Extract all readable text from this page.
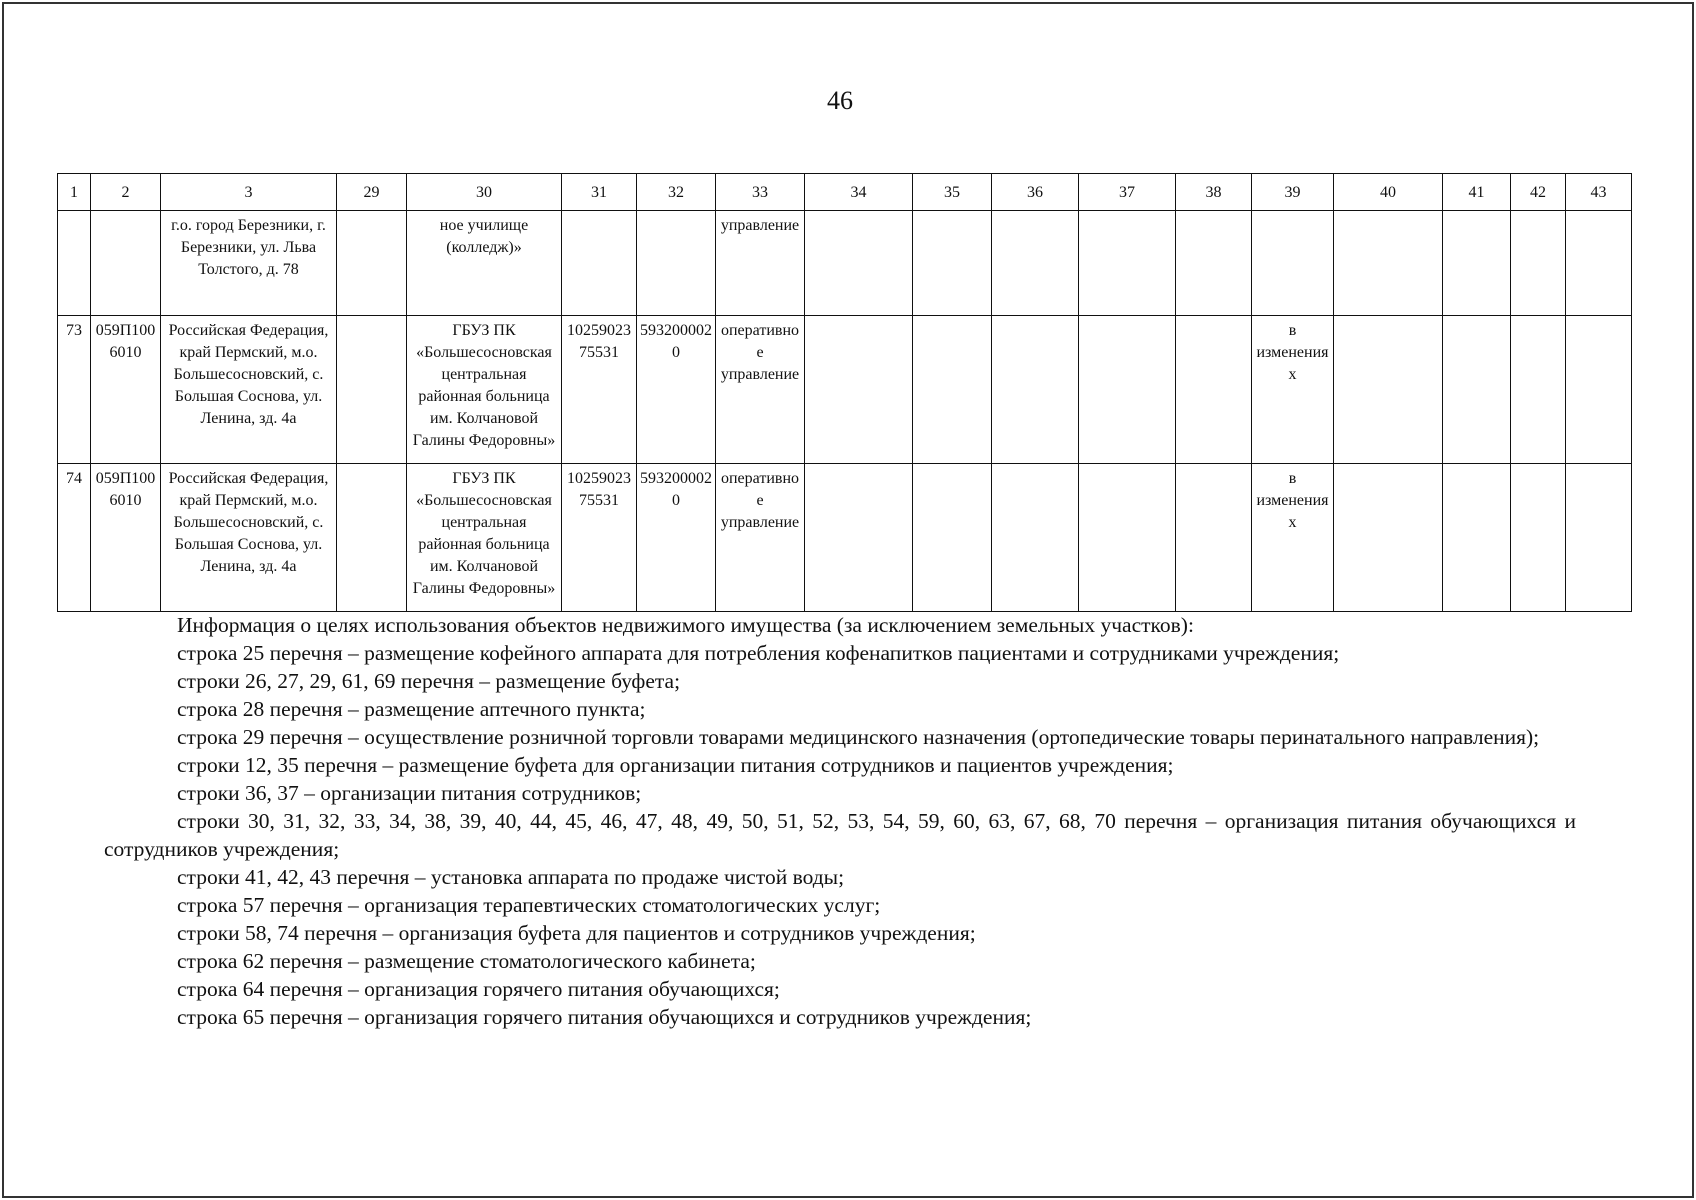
46
1	2	3	29	30	31	32	33	34	35	36	37	38	39	40	41	42	43
		г.о. город Березники, г. Березники, ул. Льва Толстого, д. 78		ное училище (колледж)»			управление										
73	059П1006010	Российская Федерация, край Пермский, м.о. Большесосновский, с. Большая Соснова, ул. Ленина, зд. 4а		ГБУЗ ПК «Большесосновская центральная районная больница им. Колчановой Галины Федоровны»	1025902375531	5932000020	оперативное управление						в изменениях				
74	059П1006010	Российская Федерация, край Пермский, м.о. Большесосновский, с. Большая Соснова, ул. Ленина, зд. 4а		ГБУЗ ПК «Большесосновская центральная районная больница им. Колчановой Галины Федоровны»	1025902375531	5932000020	оперативное управление						в изменениях				

Информация о целях использования объектов недвижимого имущества (за исключением земельных участков):

строка 25 перечня – размещение кофейного аппарата для потребления кофенапитков пациентами и сотрудниками учреждения;

строки 26, 27, 29, 61, 69 перечня – размещение буфета;

строка 28 перечня – размещение аптечного пункта;

строка 29 перечня – осуществление розничной торговли товарами медицинского назначения (ортопедические товары перинатального направления);

строки 12, 35 перечня – размещение буфета для организации питания сотрудников и пациентов учреждения;

строки 36, 37 – организации питания сотрудников;

строки 30, 31, 32, 33, 34, 38, 39, 40, 44, 45, 46, 47, 48, 49, 50, 51, 52, 53, 54, 59, 60, 63, 67, 68, 70 перечня – организация питания обучающихся и сотрудников учреждения;

строки 41, 42, 43 перечня – установка аппарата по продаже чистой воды;

строка 57 перечня – организация терапевтических стоматологических услуг;

строки 58, 74 перечня – организация буфета для пациентов и сотрудников учреждения;

строка 62 перечня – размещение стоматологического кабинета;

строка 64 перечня – организация горячего питания обучающихся;

строка 65 перечня – организация горячего питания обучающихся и сотрудников учреждения;
